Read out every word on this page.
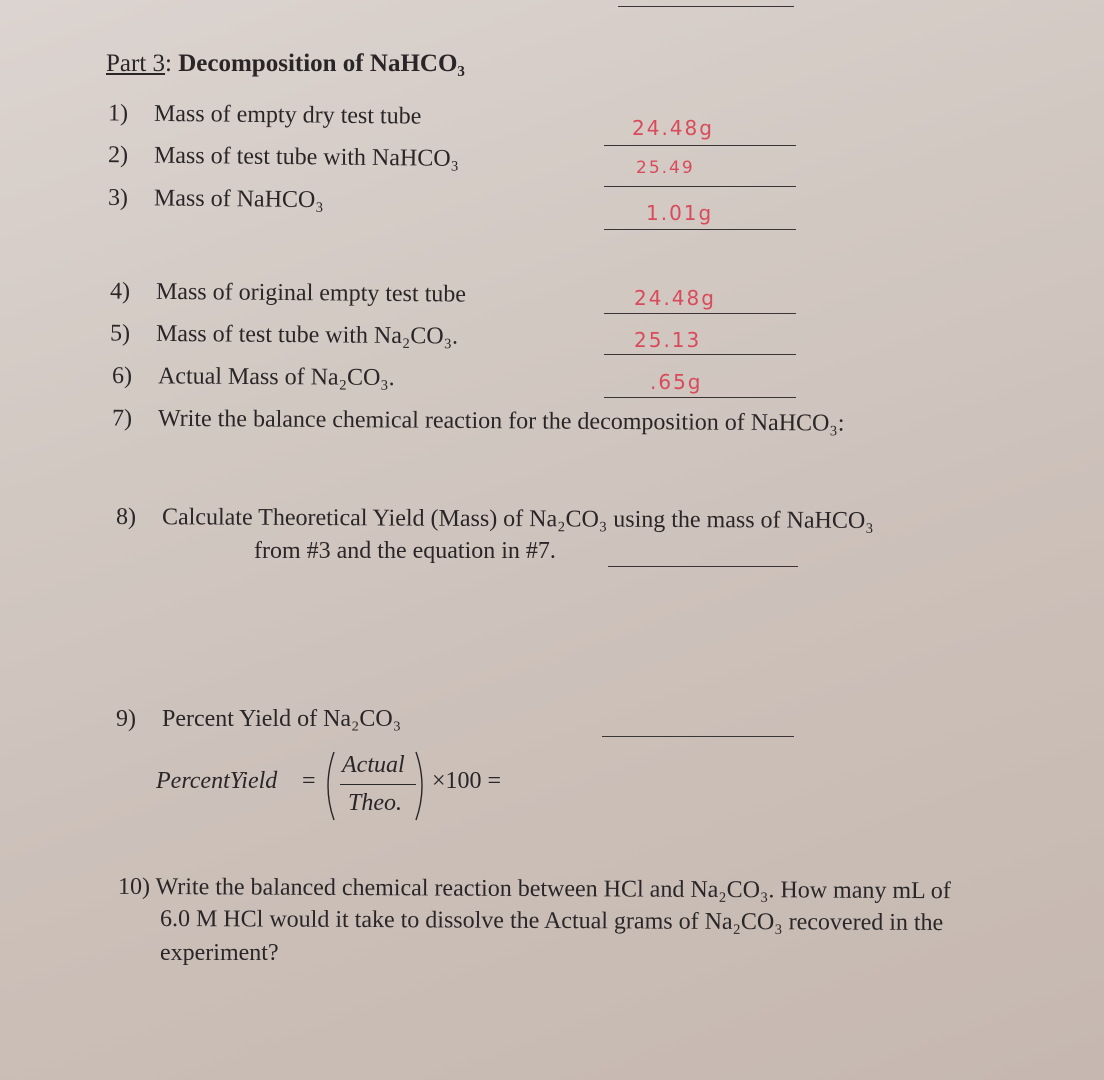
Part 3: Decomposition of NaHCO₃
1) Mass of empty dry test tube	24.48g
2) Mass of test tube with NaHCO₃	25.49
3) Mass of NaHCO₃	1.01g
4) Mass of original empty test tube	24.48g
5) Mass of test tube with Na₂CO₃.	25.13
6) Actual Mass of Na₂CO₃.	.65g
7) Write the balance chemical reaction for the decomposition of NaHCO₃:
8) Calculate Theoretical Yield (Mass) of Na₂CO₃ using the mass of NaHCO₃
from #3 and the equation in #7.
9) Percent Yield of Na₂CO₃
PercentYield =
Actual
Theo.
×100 =
10) Write the balanced chemical reaction between HCl and Na₂CO₃. How many mL of
6.0 M HCl would it take to dissolve the Actual grams of Na₂CO₃ recovered in the
experiment?
